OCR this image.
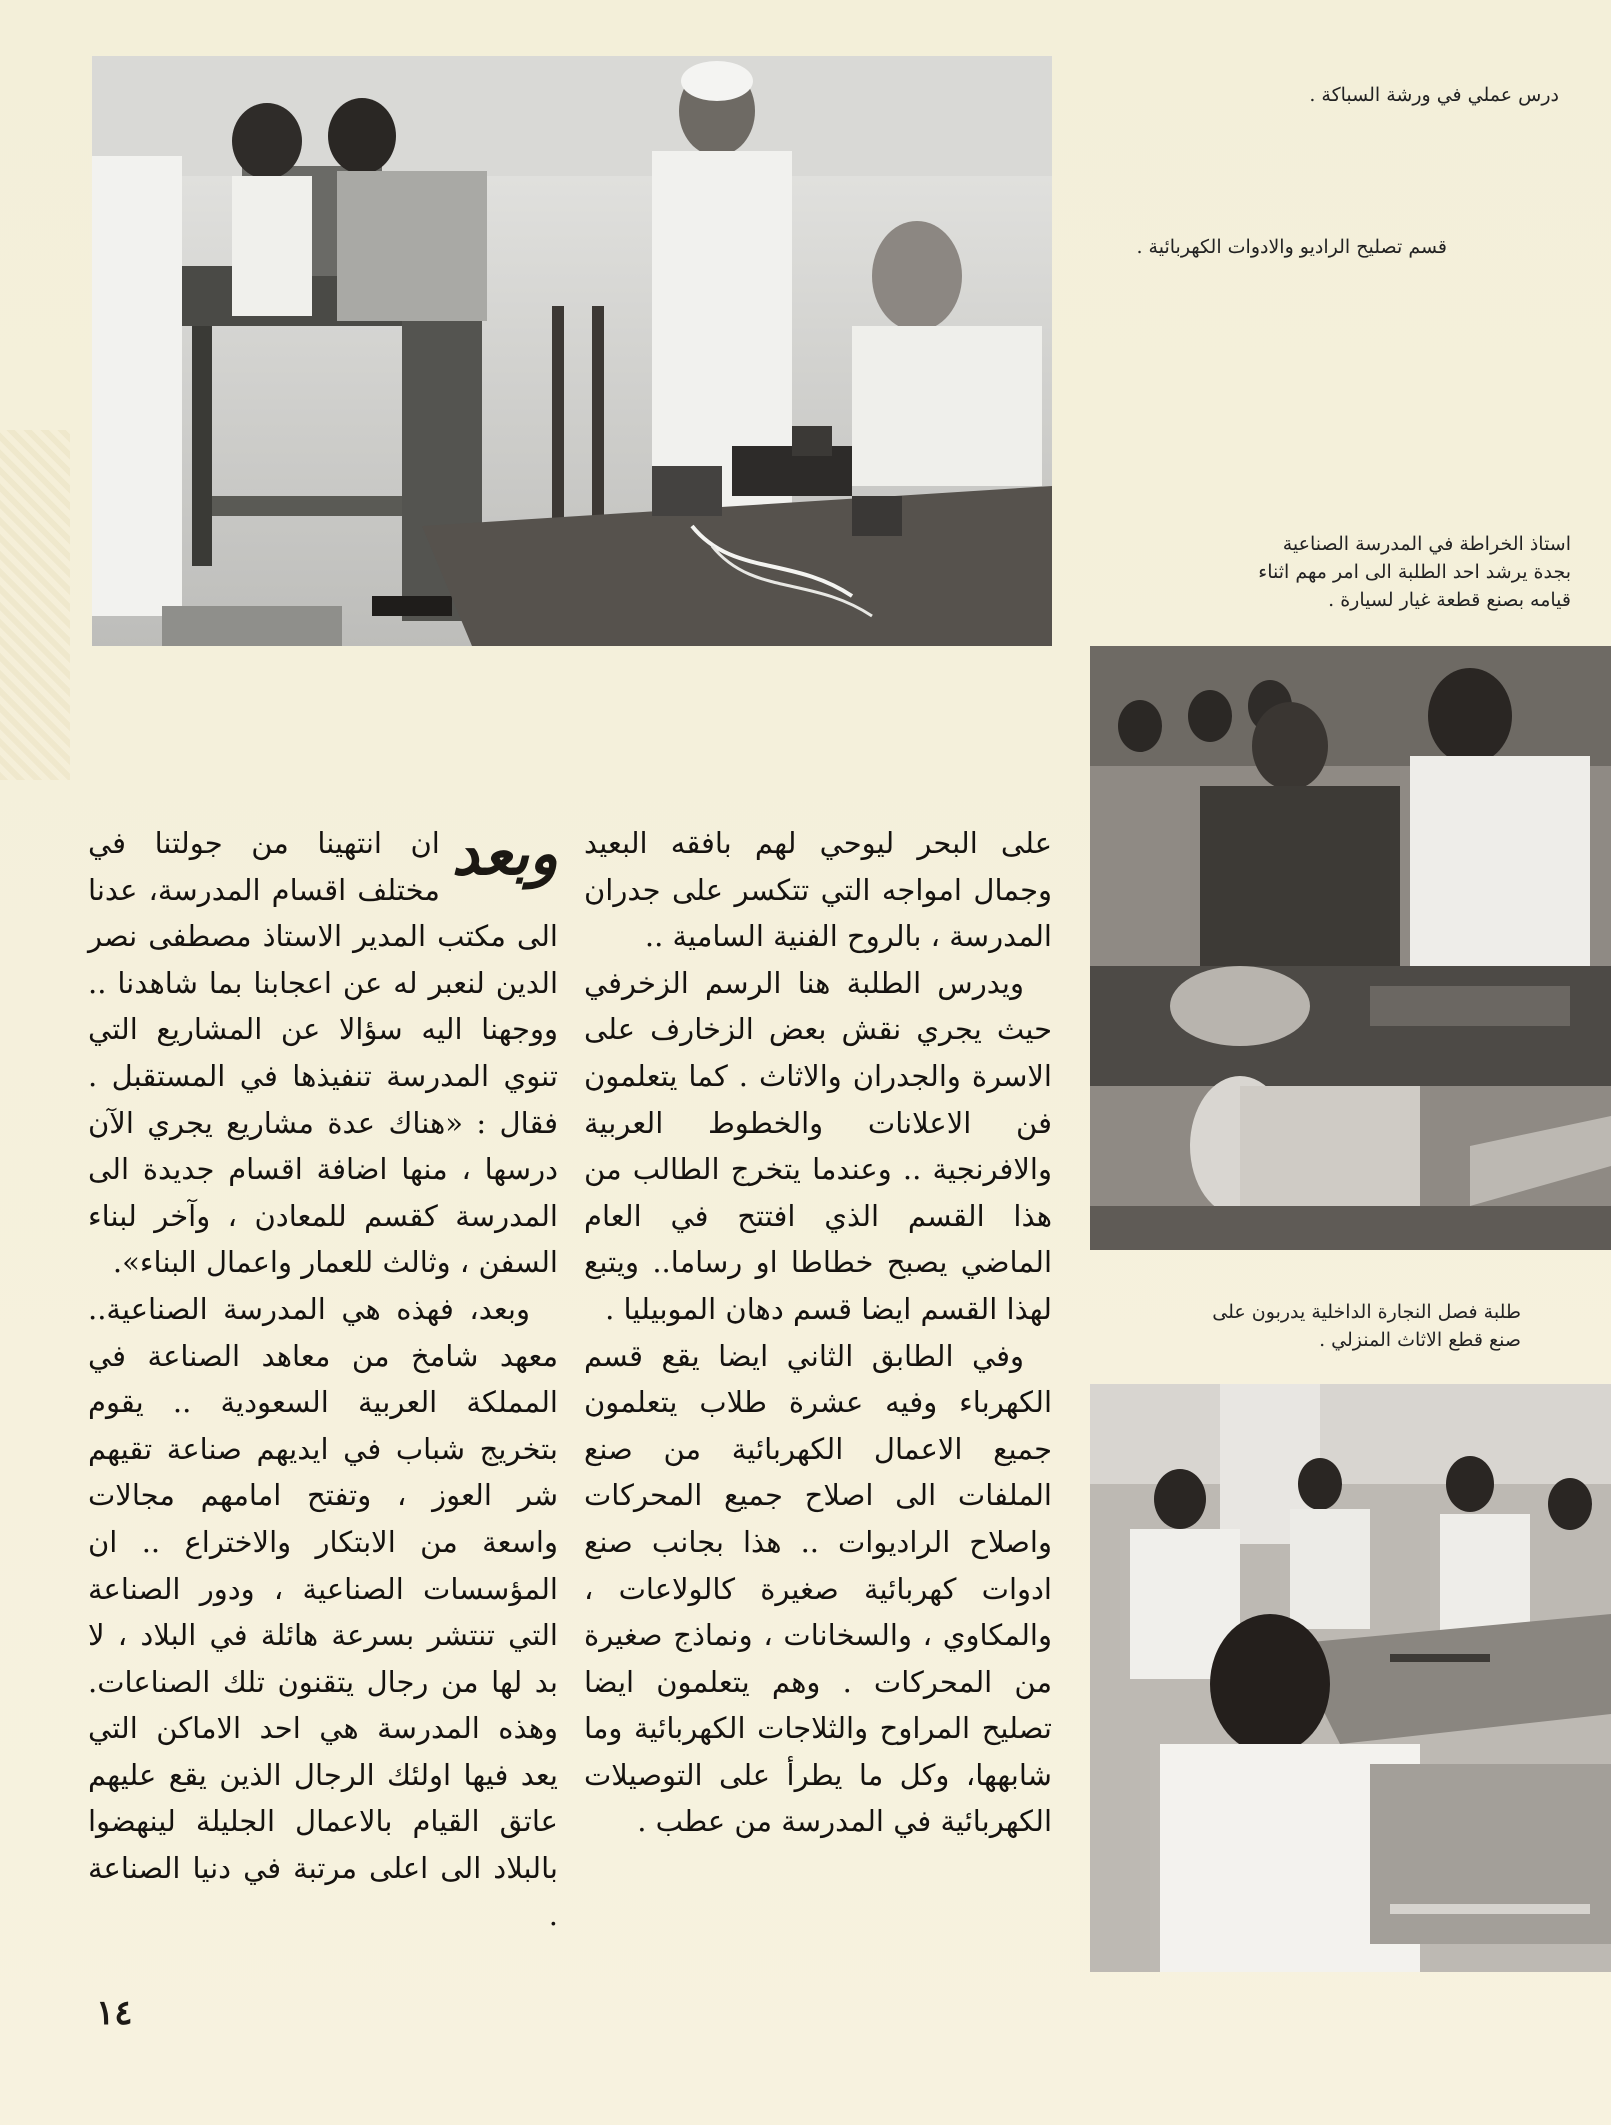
درس عملي في ورشة السباكة .
قسم تصليح الراديو والادوات الكهربائية .
استاذ الخراطة في المدرسة الصناعية
بجدة يرشد احد الطلبة الى امر مهم اثناء
قيامه بصنع قطعة غيار لسيارة .
طلبة فصل النجارة الداخلية يدربون على
صنع قطع الاثاث المنزلي .

على البحر ليوحي لهم بافقه البعيد وجمال امواجه التي تتكسر على جدران المدرسة ، بالروح الفنية السامية ..

ويدرس الطلبة هنا الرسم الزخرفي حيث يجري نقش بعض الزخارف على الاسرة والجدران والاثاث . كما يتعلمون فن الاعلانات والخطوط العربية والافرنجية .. وعندما يتخرج الطالب من هذا القسم الذي افتتح في العام الماضي يصبح خطاطا او رساما.. ويتبع لهذا القسم ايضا قسم دهان الموبيليا .

وفي الطابق الثاني ايضا يقع قسم الكهرباء وفيه عشرة طلاب يتعلمون جميع الاعمال الكهربائية من صنع الملفات الى اصلاح جميع المحركات واصلاح الراديوات .. هذا بجانب صنع ادوات كهربائية صغيرة كالولاعات ، والمكاوي ، والسخانات ، ونماذج صغيرة من المحركات . وهم يتعلمون ايضا تصليح المراوح والثلاجات الكهربائية وما شابهها، وكل ما يطرأ على التوصيلات الكهربائية في المدرسة من عطب .

وبعد
ان انتهينا من جولتنا في مختلف اقسام المدرسة، عدنا الى مكتب المدير الاستاذ مصطفى نصر الدين لنعبر له عن اعجابنا بما شاهدنا .. ووجهنا اليه سؤالا عن المشاريع التي تنوي المدرسة تنفيذها في المستقبل . فقال : «هناك عدة مشاريع يجري الآن درسها ، منها اضافة اقسام جديدة الى المدرسة كقسم للمعادن ، وآخر لبناء السفن ، وثالث للعمار واعمال البناء».

وبعد، فهذه هي المدرسة الصناعية.. معهد شامخ من معاهد الصناعة في المملكة العربية السعودية .. يقوم بتخريج شباب في ايديهم صناعة تقيهم شر العوز ، وتفتح امامهم مجالات واسعة من الابتكار والاختراع .. ان المؤسسات الصناعية ، ودور الصناعة التي تنتشر بسرعة هائلة في البلاد ، لا بد لها من رجال يتقنون تلك الصناعات. وهذه المدرسة هي احد الاماكن التي يعد فيها اولئك الرجال الذين يقع عليهم عاتق القيام بالاعمال الجليلة لينهضوا بالبلاد الى اعلى مرتبة في دنيا الصناعة .

١٤
